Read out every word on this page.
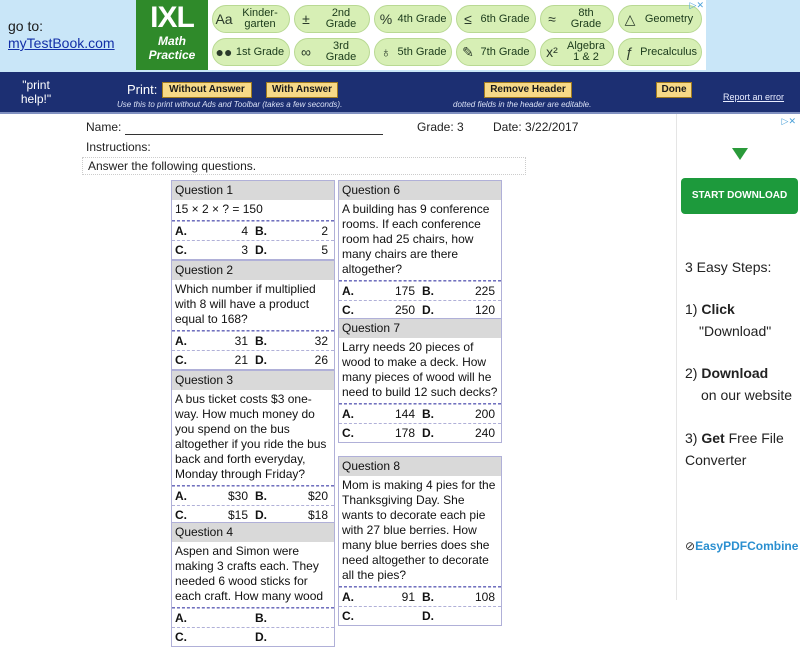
go to:
myTestBook.com
IXL
Math Practice
Aa Kinder-garten	±	2nd Grade	% 4th Grade	≤ 6th Grade	≈	8th Grade	△ Geometry
●● 1st Grade	∞	3rd Grade	♁ 5th Grade	✎ 7th Grade	x² Algebra 1 & 2	ƒ Precalculus
▷✕
"print help!"
Print:	Without Answer	With Answer
Use this to print without Ads and Toolbar (takes a few seconds).
Remove Header
dotted fields in the header are editable.
Done
Report an error
Name:	Grade: 3 Date: 3/22/2017
Instructions:
Answer the following questions.
Question 1
15 × 2 × ? = 150
A.	4 B.	2
C.	3 D.	5
Question 2
Which number if multiplied with 8 will have a product equal to 168?
A.	31 B.	32
C.	21 D.	26
Question 3
A bus ticket costs $3 one-way. How much money do you spend on the bus altogether if you ride the bus back and forth everyday, Monday through Friday?
A.	$30 B.	$20
C.	$15 D.	$18
Question 4
Aspen and Simon were making 3 crafts each. They needed 6 wood sticks for each craft. How many wood
A.	B.
C.	D.
Question 6
A building has 9 conference rooms. If each conference room had 25 chairs, how many chairs are there altogether?
A.	175 B.	225
C.	250 D.	120
Question 7
Larry needs 20 pieces of wood to make a deck. How many pieces of wood will he need to build 12 such decks?
A.	144 B.	200
C.	178 D.	240
Question 8
Mom is making 4 pies for the Thanksgiving Day. She wants to decorate each pie with 27 blue berries. How many blue berries does she need altogether to decorate all the pies?
A.	91 B.	108
C.	D.
▷✕
START DOWNLOAD
3 Easy Steps:
1) Click
"Download"
2) Download
on our website
3) Get Free File Converter
⊘EasyPDFCombine
